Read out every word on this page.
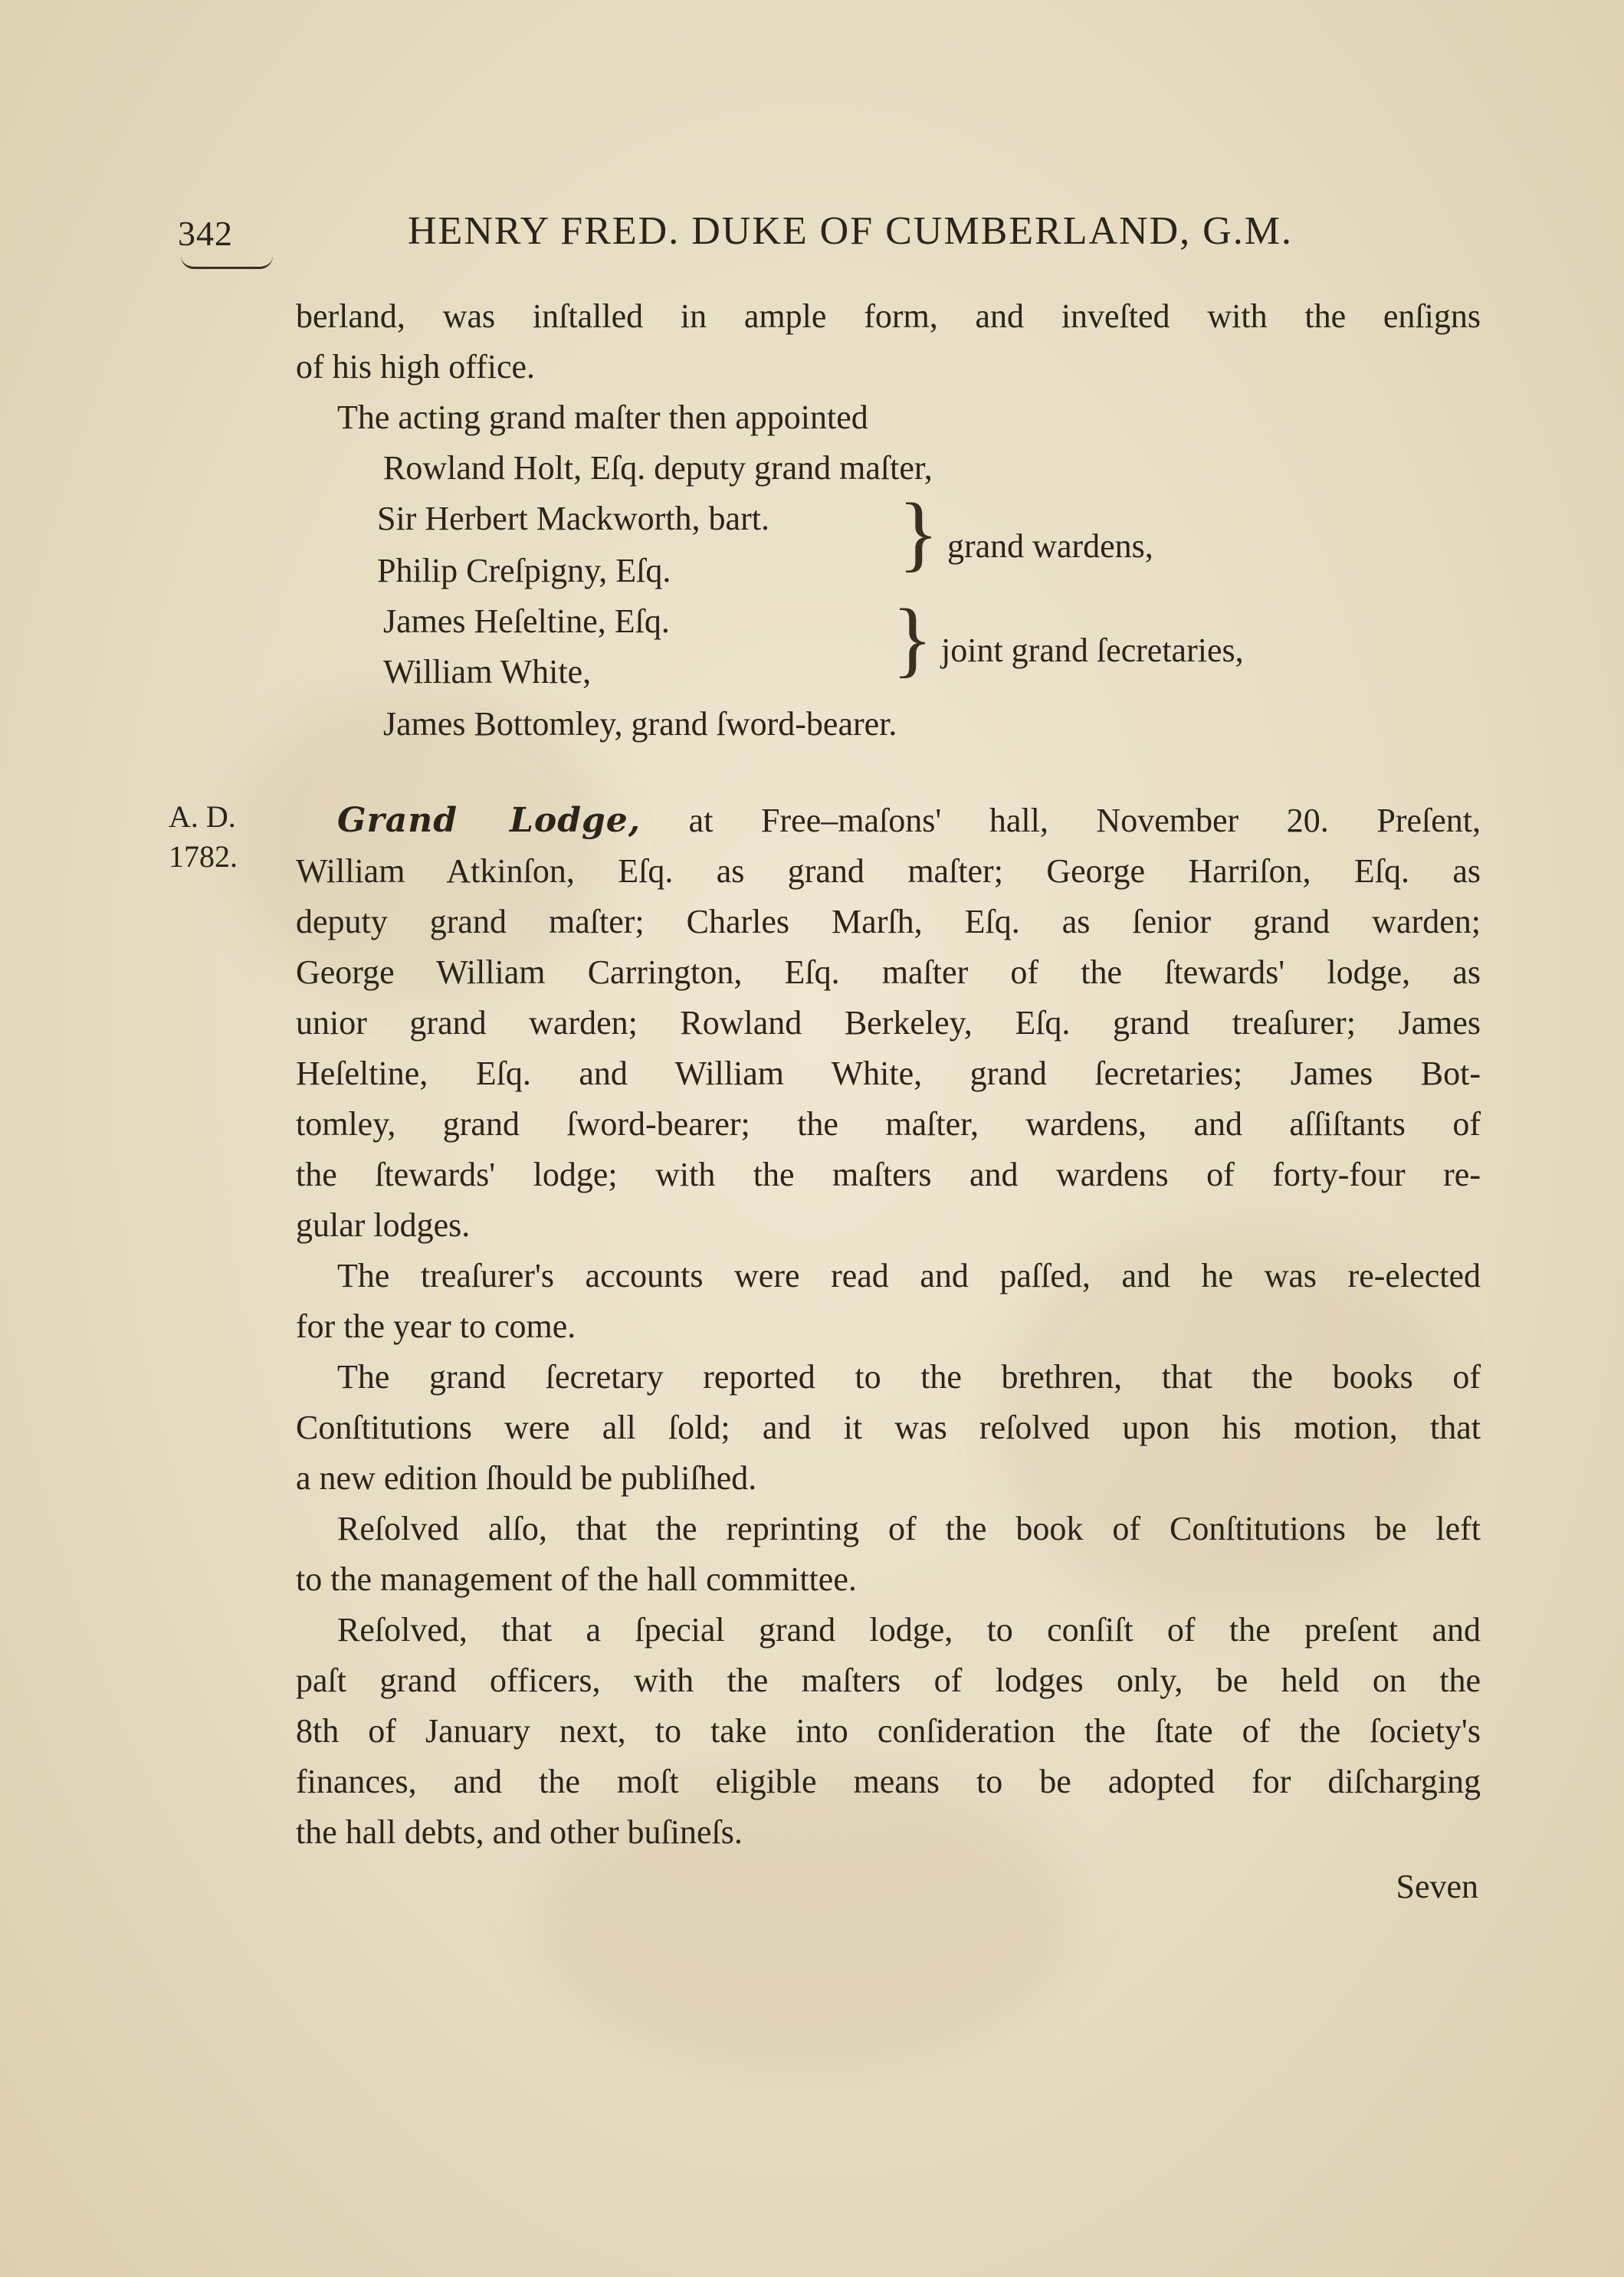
342	HENRY FRED. DUKE OF CUMBERLAND, G.M.
berland, was inſtalled in ample form, and inveſted with the enſigns
of his high office.
The acting grand maſter then appointed
Rowland Holt, Eſq. deputy grand maſter,
Sir Herbert Mackworth, bart.
Philip Creſpigny, Eſq.	} grand wardens,
James Heſeltine, Eſq.
William White,	} joint grand ſecretaries,
James Bottomley, grand ſword-bearer.
A. D.
1782.
Grand Lodge, at Free–maſons' hall, November 20. Preſent,
William Atkinſon, Eſq. as grand maſter; George Harriſon, Eſq. as
deputy grand maſter; Charles Marſh, Eſq. as ſenior grand warden;
George William Carrington, Eſq. maſter of the ſtewards' lodge, as
unior grand warden; Rowland Berkeley, Eſq. grand treaſurer; James
Heſeltine, Eſq. and William White, grand ſecretaries; James Bot-
tomley, grand ſword-bearer; the maſter, wardens, and aſſiſtants of
the ſtewards' lodge; with the maſters and wardens of forty-four re-
gular lodges.
The treaſurer's accounts were read and paſſed, and he was re-elected
for the year to come.
The grand ſecretary reported to the brethren, that the books of
Conſtitutions were all ſold; and it was reſolved upon his motion, that
a new edition ſhould be publiſhed.
Reſolved alſo, that the reprinting of the book of Conſtitutions be left
to the management of the hall committee.
Reſolved, that a ſpecial grand lodge, to conſiſt of the preſent and
paſt grand officers, with the maſters of lodges only, be held on the
8th of January next, to take into conſideration the ſtate of the ſociety's
finances, and the moſt eligible means to be adopted for diſcharging
the hall debts, and other buſineſs.
Seven
